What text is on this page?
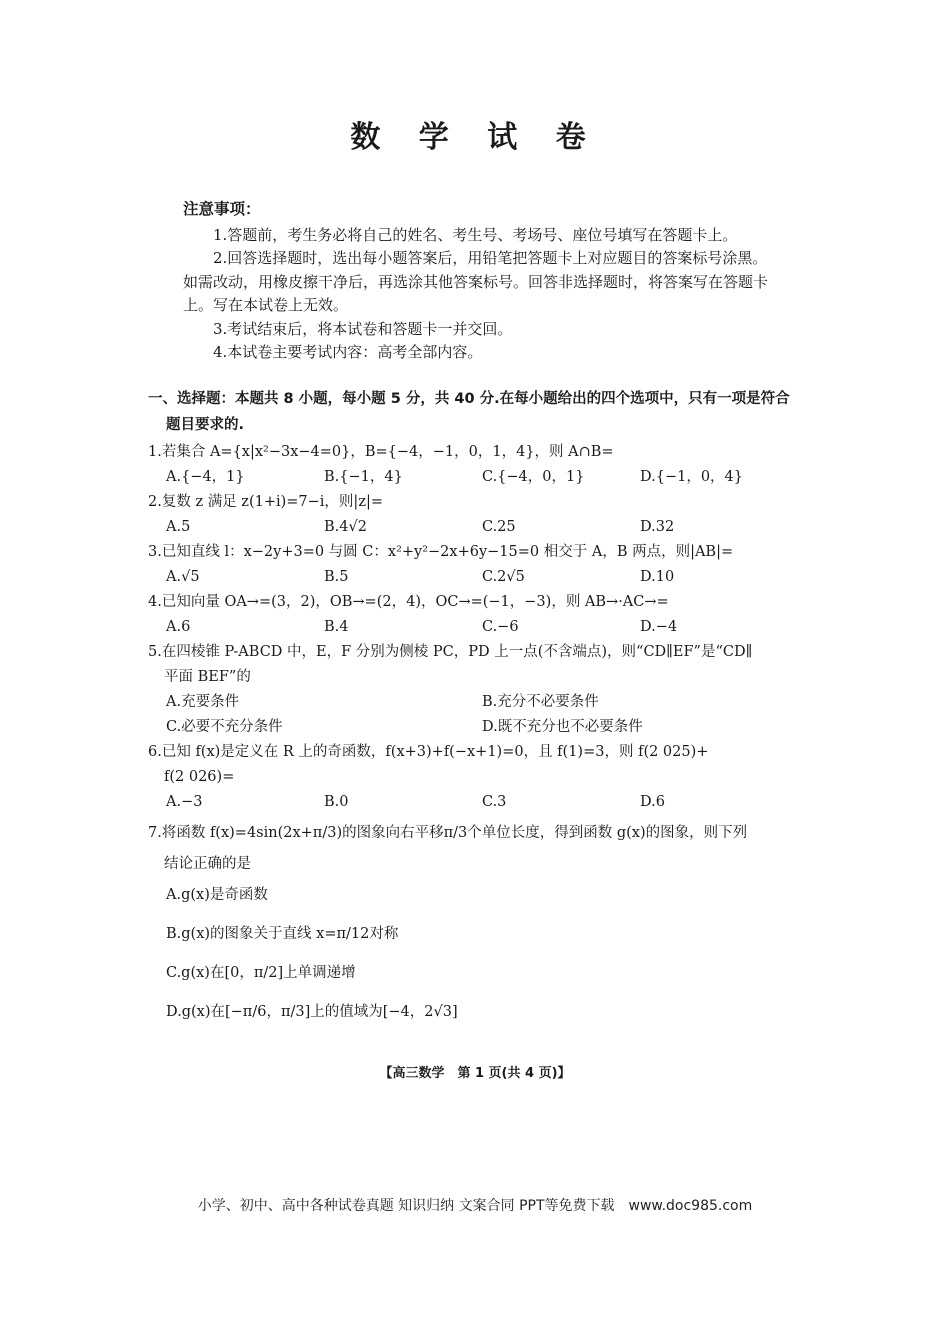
数 学 试 卷
注意事项：

1.答题前，考生务必将自己的姓名、考生号、考场号、座位号填写在答题卡上。

2.回答选择题时，选出每小题答案后，用铅笔把答题卡上对应题目的答案标号涂黑。如需改动，用橡皮擦干净后，再选涂其他答案标号。回答非选择题时，将答案写在答题卡上。写在本试卷上无效。

3.考试结束后，将本试卷和答题卡一并交回。

4.本试卷主要考试内容：高考全部内容。

一、选择题：本题共 8 小题，每小题 5 分，共 40 分.在每小题给出的四个选项中，只有一项是符合
题目要求的.
1.若集合 A={x|x²−3x−4=0}，B={−4，−1，0，1，4}，则 A∩B=
A.{−4，1}	B.{−1，4}	C.{−4，0，1}	D.{−1，0，4}
2.复数 z 满足 z(1+i)=7−i，则|z|=
A.5	B.4√2	C.25	D.32
3.已知直线 l：x−2y+3=0 与圆 C：x²+y²−2x+6y−15=0 相交于 A，B 两点，则|AB|=
A.√5	B.5	C.2√5	D.10
4.已知向量 OA→=(3，2)，OB→=(2，4)，OC→=(−1，−3)，则 AB→·AC→=
A.6	B.4	C.−6	D.−4
5.在四棱锥 P-ABCD 中，E，F 分别为侧棱 PC，PD 上一点(不含端点)，则“CD∥EF”是“CD∥
平面 BEF”的
A.充要条件	B.充分不必要条件
C.必要不充分条件	D.既不充分也不必要条件
6.已知 f(x)是定义在 R 上的奇函数，f(x+3)+f(−x+1)=0，且 f(1)=3，则 f(2 025)+
f(2 026)=
A.−3	B.0	C.3	D.6
7.将函数 f(x)=4sin(2x+π/3)的图象向右平移π/3个单位长度，得到函数 g(x)的图象，则下列
结论正确的是
A.g(x)是奇函数
B.g(x)的图象关于直线 x=π/12对称
C.g(x)在[0，π/2]上单调递增
D.g(x)在[−π/6，π/3]上的值域为[−4，2√3]
【高三数学　第 1 页(共 4 页)】
小学、初中、高中各种试卷真题 知识归纳 文案合同 PPT等免费下载　www.doc985.com
